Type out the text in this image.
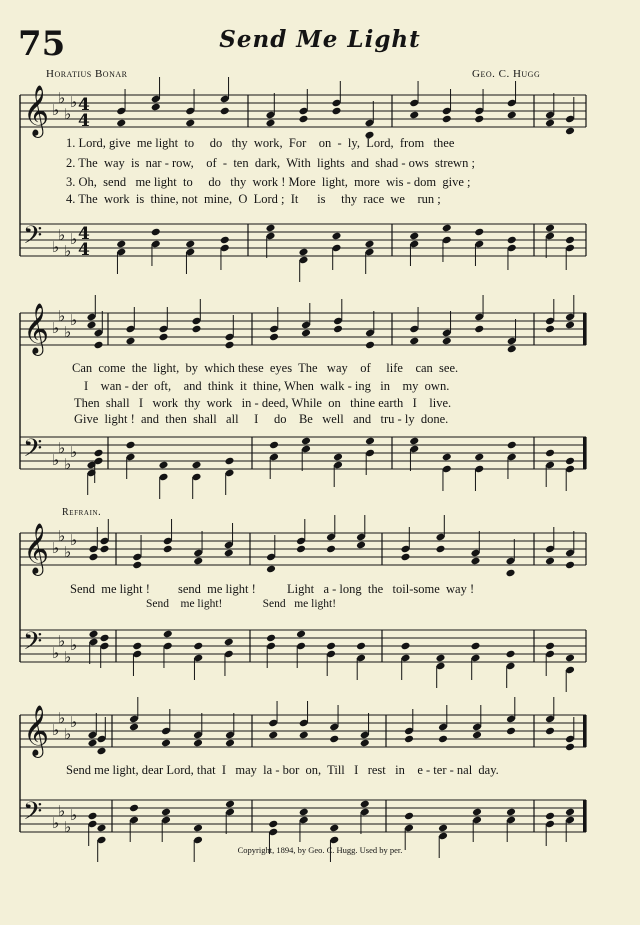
75	Send Me Light
Horatius Bonar	Geo. C. Hugg
𝄞
𝄢
♭
♭
♭
♭
♭
♭
♭
♭
4
4
4
4
𝄞
𝄢
♭
♭
♭
♭
♭
♭
♭
♭
𝄞
𝄢
♭
♭
♭
♭
♭
♭
♭
♭
𝄞
𝄢
♭
♭
♭
♭
♭
♭
♭
♭
1. Lord, give  me light  to     do   thy  work,  For    on  -  ly,  Lord,  from   thee
2. The  way  is  nar - row,    of  -  ten  dark,  With  lights  and  shad - ows  strewn ;
3. Oh,  send   me light  to     do   thy  work ! More  light,  more  wis - dom  give ;
4. The  work  is  thine, not  mine,  O  Lord ;  It      is     thy  race  we    run ;
Can  come  the  light,  by  which these  eyes  The   way    of     life    can  see.
I    wan - der  oft,    and  think  it  thine, When  walk - ing   in    my  own.
Then  shall   I   work  thy  work   in - deed, While  on   thine earth   I    live.
Give  light !  and  then  shall   all     I     do    Be   well   and   tru - ly  done.
Refrain.
Send  me light !         send  me light !          Light   a - long  the   toil-some  way !
Send    me light!              Send   me light!
Send me light, dear Lord, that  I   may  la - bor  on,  Till   I   rest   in    e - ter - nal  day.
Copyright, 1894, by Geo. C. Hugg. Used by per.
